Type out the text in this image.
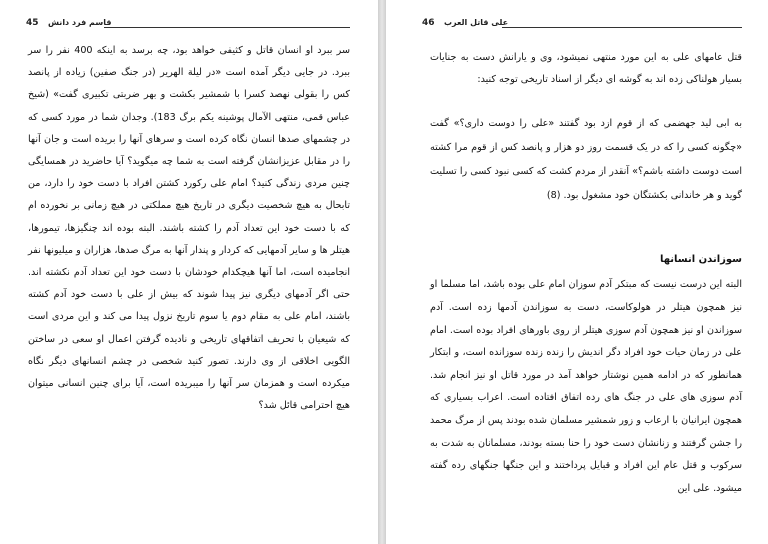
45 قاسم فرد دانش

سر ببرد او انسان قاتل و کثیفی خواهد بود، چه برسد به اینکه 400 نفر را سر ببرد. در جایی دیگر آمده است «در لیلة الهریر (در جنگ صفین) زیاده از پانصد کس را بقولی نهصد کسرا با شمشیر بکشت و بهر ضربتی تکبیری گفت» (شیخ عباس قمی، منتهی الآمال پوشینه یکم برگ 183). وجدان شما در مورد کسی که در چشمهای صدها انسان نگاه کرده است و سرهای آنها را بریده است و جان آنها را در مقابل عزیزانشان گرفته است به شما چه میگوید؟ آیا حاضرید در همسایگی چنین مردی زندگی کنید؟ امام علی رکورد کشتن افراد با دست خود را دارد، من تابحال به هیچ شخصیت دیگری در تاریخ هیچ مملکتی در هیچ زمانی بر نخورده ام که با دست خود این تعداد آدم را کشته باشند. البته بوده اند چنگیزها، تیمورها، هیتلر ها و سایر آدمهایی که کردار و پندار آنها به مرگ صدها، هزاران و میلیونها نفر انجامیده است، اما آنها هیچکدام خودشان با دست خود این تعداد آدم نکشته اند. حتی اگر آدمهای دیگری نیز پیدا شوند که بیش از علی با دست خود آدم کشته باشند، امام علی به مقام دوم یا سوم تاریخ نزول پیدا می کند و این مردی است که شیعیان با تحریف اتفاقهای تاریخی و نادیده گرفتن اعمال او سعی در ساختن الگویی اخلاقی از وی دارند. تصور کنید شخصی در چشم انسانهای دیگر نگاه میکرده است و همزمان سر آنها را میبریده است، آیا برای چنین انسانی میتوان هیچ احترامی قائل شد؟

46 علی قاتل العرب

قتل عامهای علی به این مورد منتهی نمیشود، وی و یارانش دست به جنایات بسیار هولناکی زده اند به گوشه ای دیگر از اسناد تاریخی توجه کنید:

به ابی لید جهضمی که از قوم ازد بود گفتند «علی را دوست داری؟» گفت «چگونه کسی را که در یک قسمت روز دو هزار و پانصد کس از قوم مرا کشته است دوست داشته باشم؟» آنقدر از مردم کشت که کسی نبود کسی را تسلیت گوید و هر خاندانی بکشتگان خود مشغول بود. (8)

سوزاندن انسانها

البته این درست نیست که مبتکر آدم سوزان امام علی بوده باشد، اما مسلما او نیز همچون هیتلر در هولوکاست، دست به سوزاندن آدمها زده است. آدم سوزاندن او نیز همچون آدم سوزی هیتلر از روی باورهای افراد بوده است. امام علی در زمان حیات خود افراد دگر اندیش را زنده زنده سوزانده است، و ابتکار همانطور که در ادامه همین نوشتار خواهد آمد در مورد قاتل او نیز انجام شد. آدم سوزی های علی در جنگ های رده اتفاق افتاده است. اعراب بسیاری که همچون ایرانیان با ارعاب و زور شمشیر مسلمان شده بودند پس از مرگ محمد را جشن گرفتند و زنانشان دست خود را حنا بسته بودند، مسلمانان به شدت به سرکوب و قتل عام این افراد و قبایل پرداختند و این جنگها جنگهای رده گفته میشود. علی این
